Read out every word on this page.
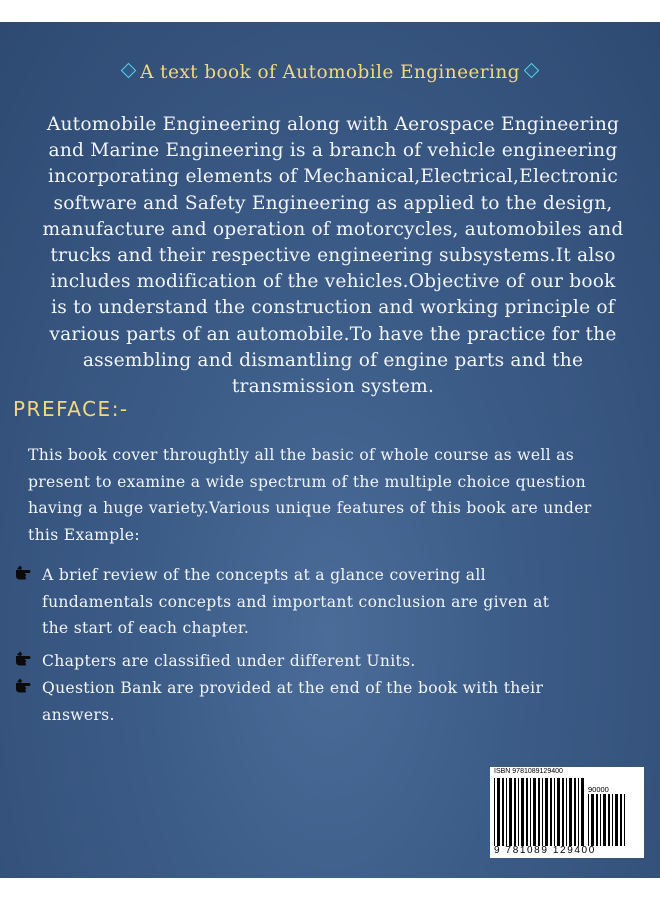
A text book of Automobile Engineering
Automobile Engineering along with Aerospace Engineering
and Marine Engineering is a branch of vehicle engineering
incorporating elements of Mechanical,Electrical,Electronic
software and Safety Engineering as applied to the design,
manufacture and operation of motorcycles, automobiles and
trucks and their respective engineering subsystems.It also
includes modification of the vehicles.Objective of our book
is to understand the construction and working principle of
various parts of an automobile.To have the practice for the
assembling and dismantling of engine parts and the
transmission system.
PREFACE:-
This book cover throughtly all the basic of whole course as well as
present to examine a wide spectrum of the multiple choice question
having a huge variety.Various unique features of this book are under
this Example:
A brief review of the concepts at a glance covering all
fundamentals concepts and important conclusion are given at
the start of each chapter.
Chapters are classified under different Units.
Question Bank are provided at the end of the book with their
answers.
ISBN 9781089129400
90000
9 781089 129400
